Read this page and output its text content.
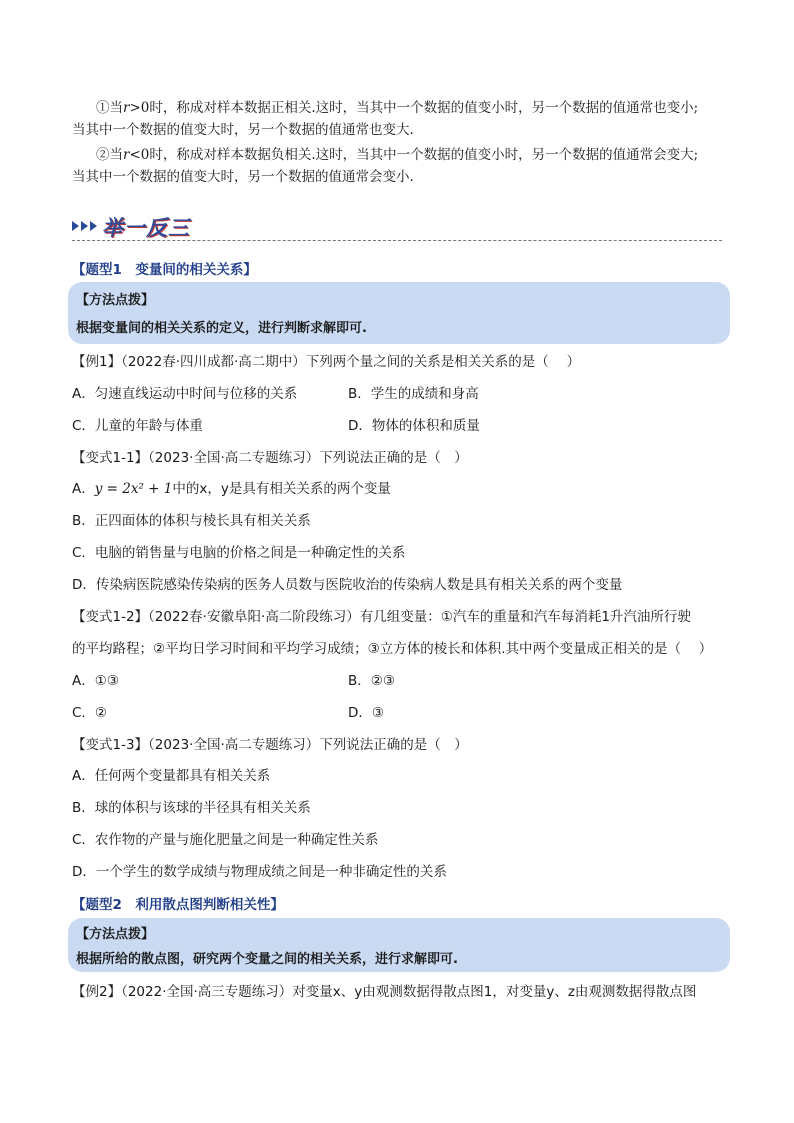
①当r>0时，称成对样本数据正相关.这时，当其中一个数据的值变小时，另一个数据的值通常也变小;
当其中一个数据的值变大时，另一个数据的值通常也变大.
②当r<0时，称成对样本数据负相关.这时，当其中一个数据的值变小时，另一个数据的值通常会变大;
当其中一个数据的值变大时，另一个数据的值通常会变小.
举一反三
【题型1　变量间的相关关系】
【方法点拨】
根据变量间的相关关系的定义，进行判断求解即可.
【例1】（2022春·四川成都·高二期中）下列两个量之间的关系是相关关系的是（　 ）
A．匀速直线运动中时间与位移的关系	B．学生的成绩和身高
C．儿童的年龄与体重	D．物体的体积和质量
【变式1-1】（2023·全国·高二专题练习）下列说法正确的是（　）
A．y = 2x² + 1中的x，y是具有相关关系的两个变量
B．正四面体的体积与棱长具有相关关系
C．电脑的销售量与电脑的价格之间是一种确定性的关系
D．传染病医院感染传染病的医务人员数与医院收治的传染病人数是具有相关关系的两个变量
【变式1-2】（2022春·安徽阜阳·高二阶段练习）有几组变量：①汽车的重量和汽车每消耗1升汽油所行驶
的平均路程；②平均日学习时间和平均学习成绩；③立方体的棱长和体积.其中两个变量成正相关的是（　 ）
A．①③	B．②③
C．②	D．③
【变式1-3】（2023·全国·高二专题练习）下列说法正确的是（　）
A．任何两个变量都具有相关关系
B．球的体积与该球的半径具有相关关系
C．农作物的产量与施化肥量之间是一种确定性关系
D．一个学生的数学成绩与物理成绩之间是一种非确定性的关系
【题型2　利用散点图判断相关性】
【方法点拨】
根据所给的散点图，研究两个变量之间的相关关系，进行求解即可.
【例2】（2022·全国·高三专题练习）对变量x、y由观测数据得散点图1，对变量y、z由观测数据得散点图
